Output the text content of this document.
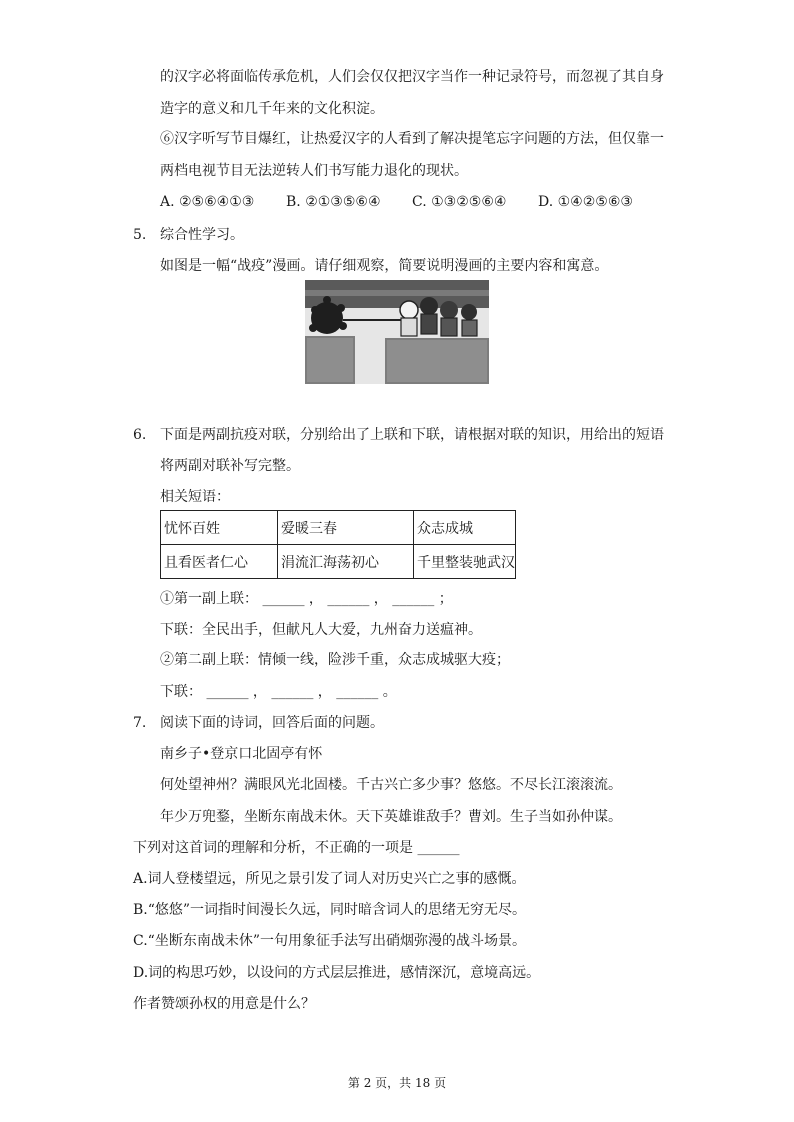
的汉字必将面临传承危机，人们会仅仅把汉字当作一种记录符号，而忽视了其自身
造字的意义和几千年来的文化积淀。
⑥汉字听写节目爆红，让热爱汉字的人看到了解决提笔忘字问题的方法，但仅靠一
两档电视节目无法逆转人们书写能力退化的现状。
A. ②⑤⑥④①③ B. ②①③⑤⑥④ C. ①③②⑤⑥④ D. ①④②⑤⑥③
5. 综合性学习。
如图是一幅“战疫”漫画。请仔细观察，简要说明漫画的主要内容和寓意。
6. 下面是两副抗疫对联，分别给出了上联和下联，请根据对联的知识，用给出的短语
将两副对联补写完整。
相关短语：
忧怀百姓	爱暖三春	众志成城
且看医者仁心	涓流汇海荡初心	千里整装驰武汉
①第一副上联： ______ ， ______ ， ______ ；
下联：全民出手，但献凡人大爱，九州奋力送瘟神。
②第二副上联：情倾一线，险涉千重，众志成城驱大疫；
下联： ______ ， ______ ， ______ 。
7. 阅读下面的诗词，回答后面的问题。
南乡子•登京口北固亭有怀
何处望神州？满眼风光北固楼。千古兴亡多少事？悠悠。不尽长江滚滚流。
年少万兜鍪，坐断东南战未休。天下英雄谁敌手？曹刘。生子当如孙仲谋。
下列对这首词的理解和分析，不正确的一项是 ______
A.词人登楼望远，所见之景引发了词人对历史兴亡之事的感慨。
B.“悠悠”一词指时间漫长久远，同时暗含词人的思绪无穷无尽。
C.“坐断东南战未休”一句用象征手法写出硝烟弥漫的战斗场景。
D.词的构思巧妙，以设问的方式层层推进，感情深沉，意境高远。
作者赞颂孙权的用意是什么？
第 2 页，共 18 页
